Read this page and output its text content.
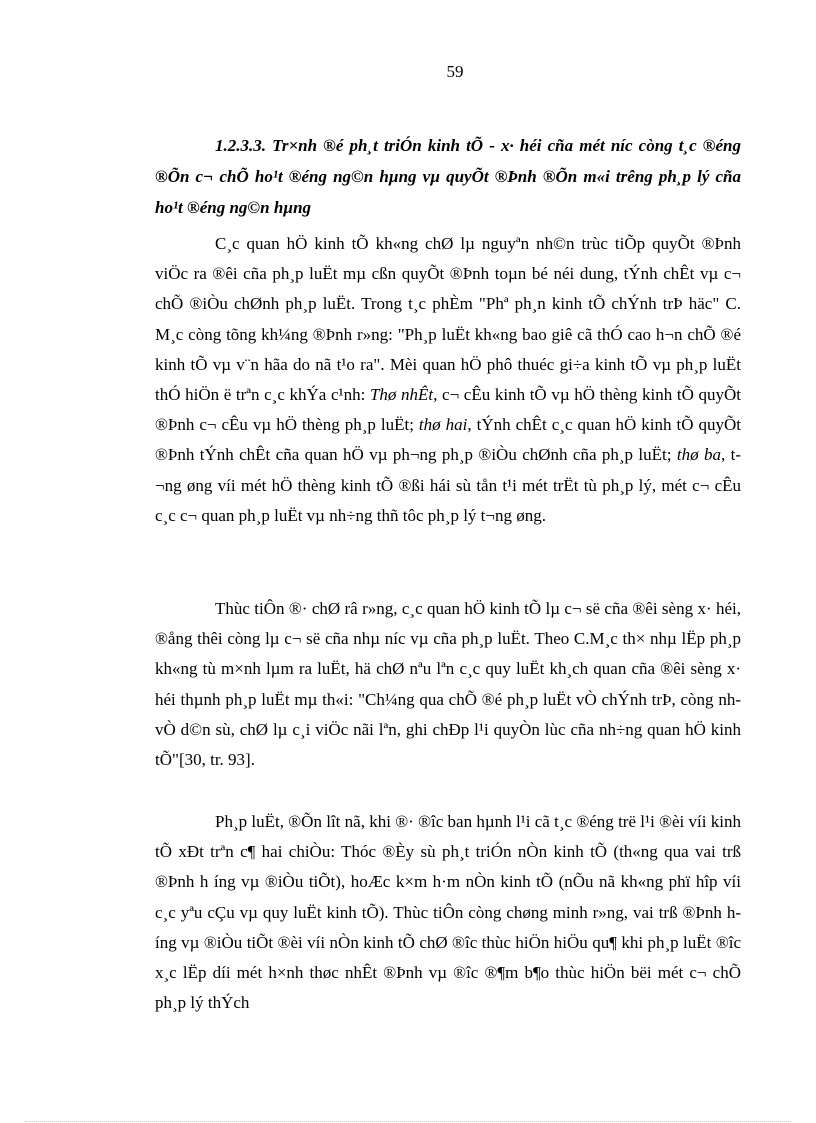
59

1.2.3.3. Tr×nh ®é ph¸t triÓn kinh tÕ - x· héi cña mét níc còng t¸c ®éng ®Õn c¬ chÕ ho¹t ®éng ng©n hµng vµ quyÕt ®Þnh ®Õn m«i trêng ph¸p lý cña ho¹t ®éng ng©n hµng

C¸c quan hÖ kinh tÕ kh«ng chØ lµ nguyªn nh©n trùc tiÕp quyÕt ®Þnh viÖc ra ®êi cña ph¸p luËt mµ cßn quyÕt ®Þnh toµn bé néi dung, tÝnh chÊt vµ c¬ chÕ ®iÒu chØnh ph¸p luËt. Trong t¸c phÈm "Phª ph¸n kinh tÕ chÝnh trÞ häc" C. M¸c còng tõng kh¼ng ®Þnh r»ng: "Ph¸p luËt kh«ng bao giê cã thÓ cao h¬n chÕ ®é kinh tÕ vµ v¨n hãa do nã t¹o ra". Mèi quan hÖ phô thuéc gi÷a kinh tÕ vµ ph¸p luËt thÓ hiÖn ë trªn c¸c khÝa c¹nh: Thø nhÊt, c¬ cÊu kinh tÕ vµ hÖ thèng kinh tÕ quyÕt ®Þnh c¬ cÊu vµ hÖ thèng ph¸p luËt; thø hai, tÝnh chÊt c¸c quan hÖ kinh tÕ quyÕt ®Þnh tÝnh chÊt cña quan hÖ vµ ph¬ng ph¸p ®iÒu chØnh cña ph¸p luËt; thø ba, t¬ng øng víi mét hÖ thèng kinh tÕ ®ßi hái sù tån t¹i mét trËt tù ph¸p lý, mét c¬ cÊu c¸c c¬ quan ph¸p luËt vµ nh÷ng thñ tôc ph¸p lý t¬ng øng.

Thùc tiÔn ®· chØ râ r»ng, c¸c quan hÖ kinh tÕ lµ c¬ së cña ®êi sèng x· héi, ®ång thêi còng lµ c¬ së cña nhµ níc vµ cña ph¸p luËt. Theo C.M¸c th× nhµ lËp ph¸p kh«ng tù m×nh lµm ra luËt, hä chØ nªu lªn c¸c quy luËt kh¸ch quan cña ®êi sèng x· héi thµnh ph¸p luËt mµ th«i: "Ch¼ng qua chÕ ®é ph¸p luËt vÒ chÝnh trÞ, còng nh vÒ d©n sù, chØ lµ c¸i viÖc nãi lªn, ghi chÐp l¹i quyÒn lùc cña nh÷ng quan hÖ kinh tÕ"[30, tr. 93].

Ph¸p luËt, ®Õn lît nã, khi ®· ®îc ban hµnh l¹i cã t¸c ®éng trë l¹i ®èi víi kinh tÕ xÐt trªn c¶ hai chiÒu: Thóc ®Èy sù ph¸t triÓn nÒn kinh tÕ (th«ng qua vai trß ®Þnh h íng vµ ®iÒu tiÕt), hoÆc k×m h·m nÒn kinh tÕ (nÕu nã kh«ng phï hîp víi c¸c yªu cÇu vµ quy luËt kinh tÕ). Thùc tiÔn còng chøng minh r»ng, vai trß ®Þnh híng vµ ®iÒu tiÕt ®èi víi nÒn kinh tÕ chØ ®îc thùc hiÖn hiÖu qu¶ khi ph¸p luËt ®îc x¸c lËp díi mét h×nh thøc nhÊt ®Þnh vµ ®îc ®¶m b¶o thùc hiÖn bëi mét c¬ chÕ ph¸p lý thÝch
